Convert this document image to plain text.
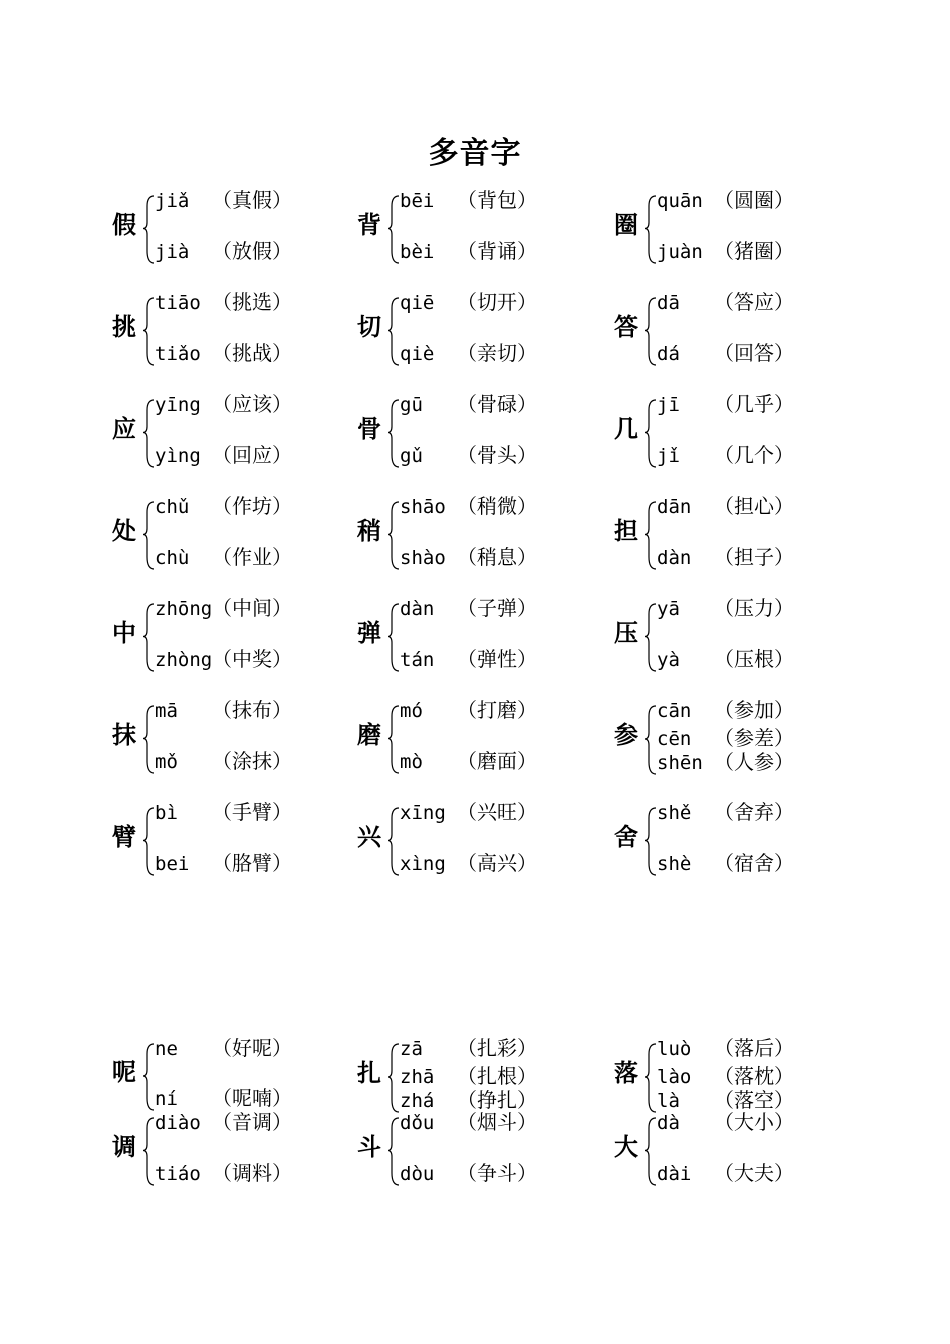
多音字
假
jiǎ （真假）
jià （放假）
背
bēi （背包）
bèi （背诵）
圈
quān （圆圈）
juàn （猪圈）
挑
tiāo （挑选）
tiǎo （挑战）
切
qiē （切开）
qiè （亲切）
答
dā （答应）
dá （回答）
应
yīng （应该）
yìng （回应）
骨
gū （骨碌）
gǔ （骨头）
几
jī （几乎）
jǐ （几个）
处
chǔ （作坊）
chù （作业）
稍
shāo （稍微）
shào （稍息）
担
dān （担心）
dàn （担子）
中
zhōng （中间）
zhòng （中奖）
弹
dàn （子弹）
tán （弹性）
压
yā （压力）
yà （压根）
抹
mā （抹布）
mǒ （涂抹）
磨
mó （打磨）
mò （磨面）
参
cān （参加）
cēn （参差）
shēn （人参）
臂
bì （手臂）
bei （胳臂）
兴
xīng （兴旺）
xìng （高兴）
舍
shě （舍弃）
shè （宿舍）
呢
ne （好呢）
ní （呢喃）
扎
zā （扎彩）
zhā （扎根）
zhá （挣扎）
落
luò （落后）
lào （落枕）
là （落空）
调
diào （音调）
tiáo （调料）
斗
dǒu （烟斗）
dòu （争斗）
大
dà （大小）
dài （大夫）
